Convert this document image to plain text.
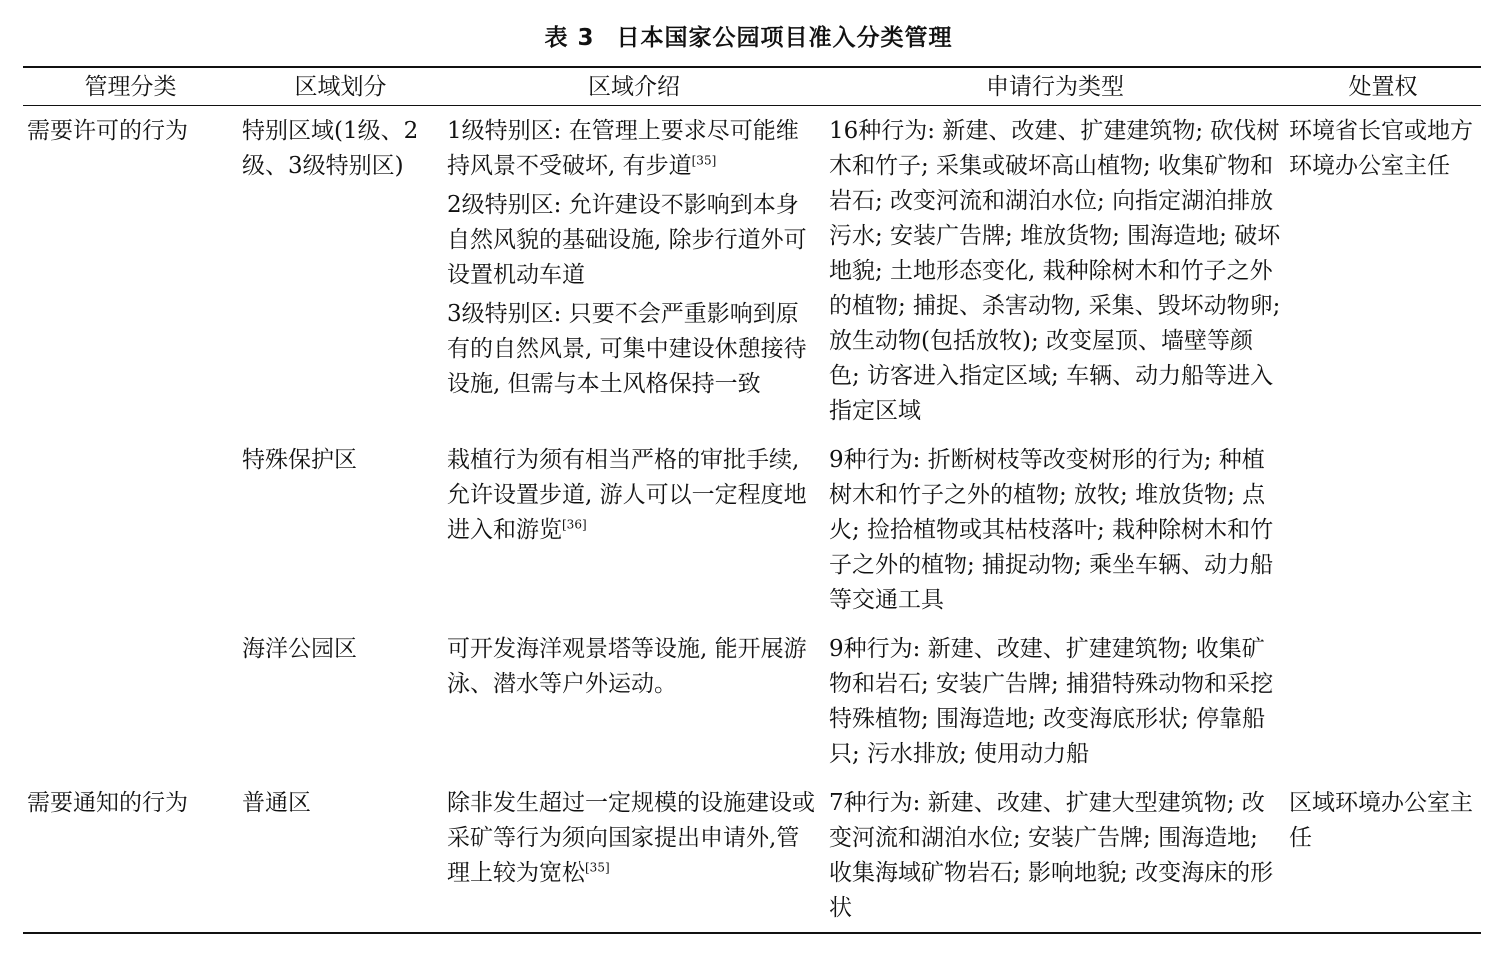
表 3 日本国家公园项目准入分类管理
管理分类	区域划分	区域介绍	申请行为类型	处置权
需要许可的行为	特别区域(1级、2级、3级特别区)	1级特别区: 在管理上要求尽可能维持风景不受破坏, 有步道[35]
2级特别区: 允许建设不影响到本身自然风貌的基础设施, 除步行道外可设置机动车道
3级特别区: 只要不会严重影响到原有的自然风景, 可集中建设休憩接待设施, 但需与本土风格保持一致	16种行为: 新建、改建、扩建建筑物; 砍伐树木和竹子; 采集或破坏高山植物; 收集矿物和岩石; 改变河流和湖泊水位; 向指定湖泊排放污水; 安装广告牌; 堆放货物; 围海造地; 破坏地貌; 土地形态变化, 栽种除树木和竹子之外的植物; 捕捉、杀害动物, 采集、毁坏动物卵; 放生动物(包括放牧); 改变屋顶、墙壁等颜色; 访客进入指定区域; 车辆、动力船等进入指定区域	环境省长官或地方环境办公室主任
	特殊保护区	栽植行为须有相当严格的审批手续, 允许设置步道, 游人可以一定程度地进入和游览[36]	9种行为: 折断树枝等改变树形的行为; 种植树木和竹子之外的植物; 放牧; 堆放货物; 点火; 捡拾植物或其枯枝落叶; 栽种除树木和竹子之外的植物; 捕捉动物; 乘坐车辆、动力船等交通工具	
	海洋公园区	可开发海洋观景塔等设施, 能开展游泳、潜水等户外运动。	9种行为: 新建、改建、扩建建筑物; 收集矿物和岩石; 安装广告牌; 捕猎特殊动物和采挖特殊植物; 围海造地; 改变海底形状; 停靠船只; 污水排放; 使用动力船	
需要通知的行为	普通区	除非发生超过一定规模的设施建设或采矿等行为须向国家提出申请外,管理上较为宽松[35]	7种行为: 新建、改建、扩建大型建筑物; 改变河流和湖泊水位; 安装广告牌; 围海造地; 收集海域矿物岩石; 影响地貌; 改变海床的形状	区域环境办公室主任
